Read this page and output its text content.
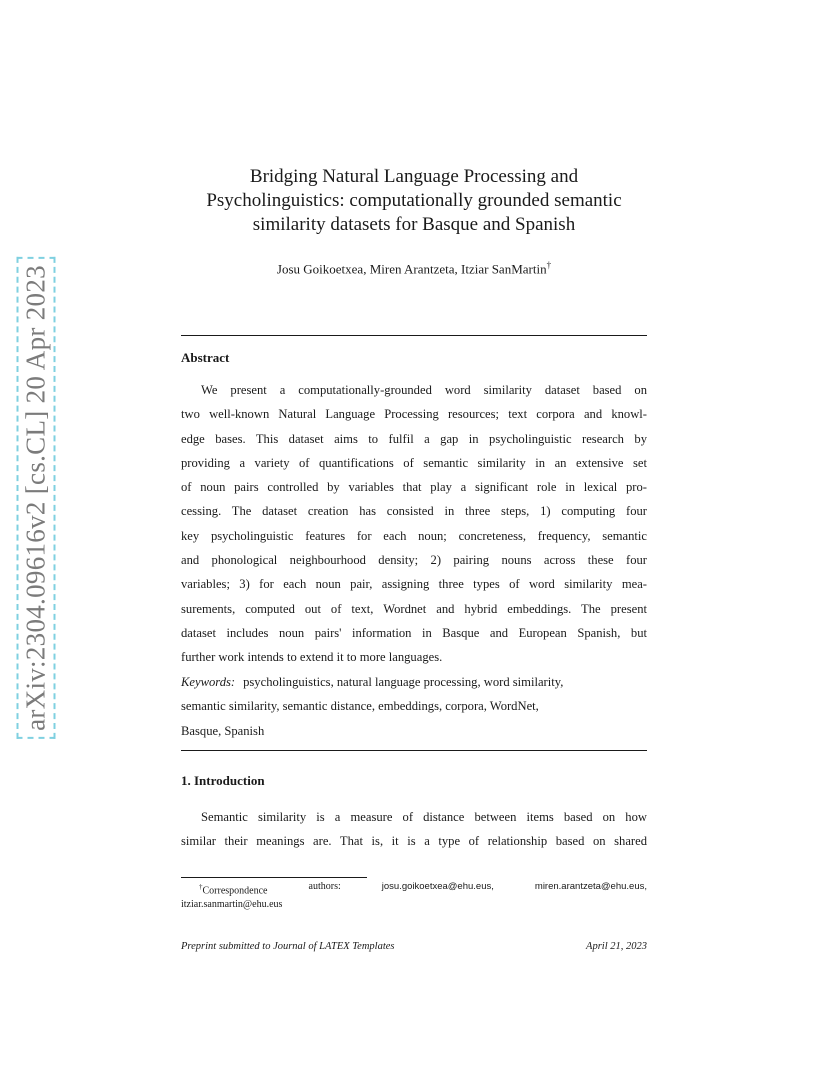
arXiv:2304.09616v2 [cs.CL] 20 Apr 2023
Bridging Natural Language Processing and
Psycholinguistics: computationally grounded semantic
similarity datasets for Basque and Spanish
Josu Goikoetxea, Miren Arantzeta, Itziar SanMartin†
Abstract
We present a computationally-grounded word similarity dataset based on
two well-known Natural Language Processing resources; text corpora and knowl-
edge bases. This dataset aims to fulfil a gap in psycholinguistic research by
providing a variety of quantifications of semantic similarity in an extensive set
of noun pairs controlled by variables that play a significant role in lexical pro-
cessing. The dataset creation has consisted in three steps, 1) computing four
key psycholinguistic features for each noun; concreteness, frequency, semantic
and phonological neighbourhood density; 2) pairing nouns across these four
variables; 3) for each noun pair, assigning three types of word similarity mea-
surements, computed out of text, Wordnet and hybrid embeddings. The present
dataset includes noun pairs' information in Basque and European Spanish, but
further work intends to extend it to more languages.
Keywords: psycholinguistics, natural language processing, word similarity,
semantic similarity, semantic distance, embeddings, corpora, WordNet,
Basque, Spanish
1. Introduction
Semantic similarity is a measure of distance between items based on how
similar their meanings are. That is, it is a type of relationship based on shared
†Correspondence	authors:	josu.goikoetxea@ehu.eus,	miren.arantzeta@ehu.eus,
itziar.sanmartin@ehu.eus
Preprint submitted to Journal of LATEX Templates	April 21, 2023
